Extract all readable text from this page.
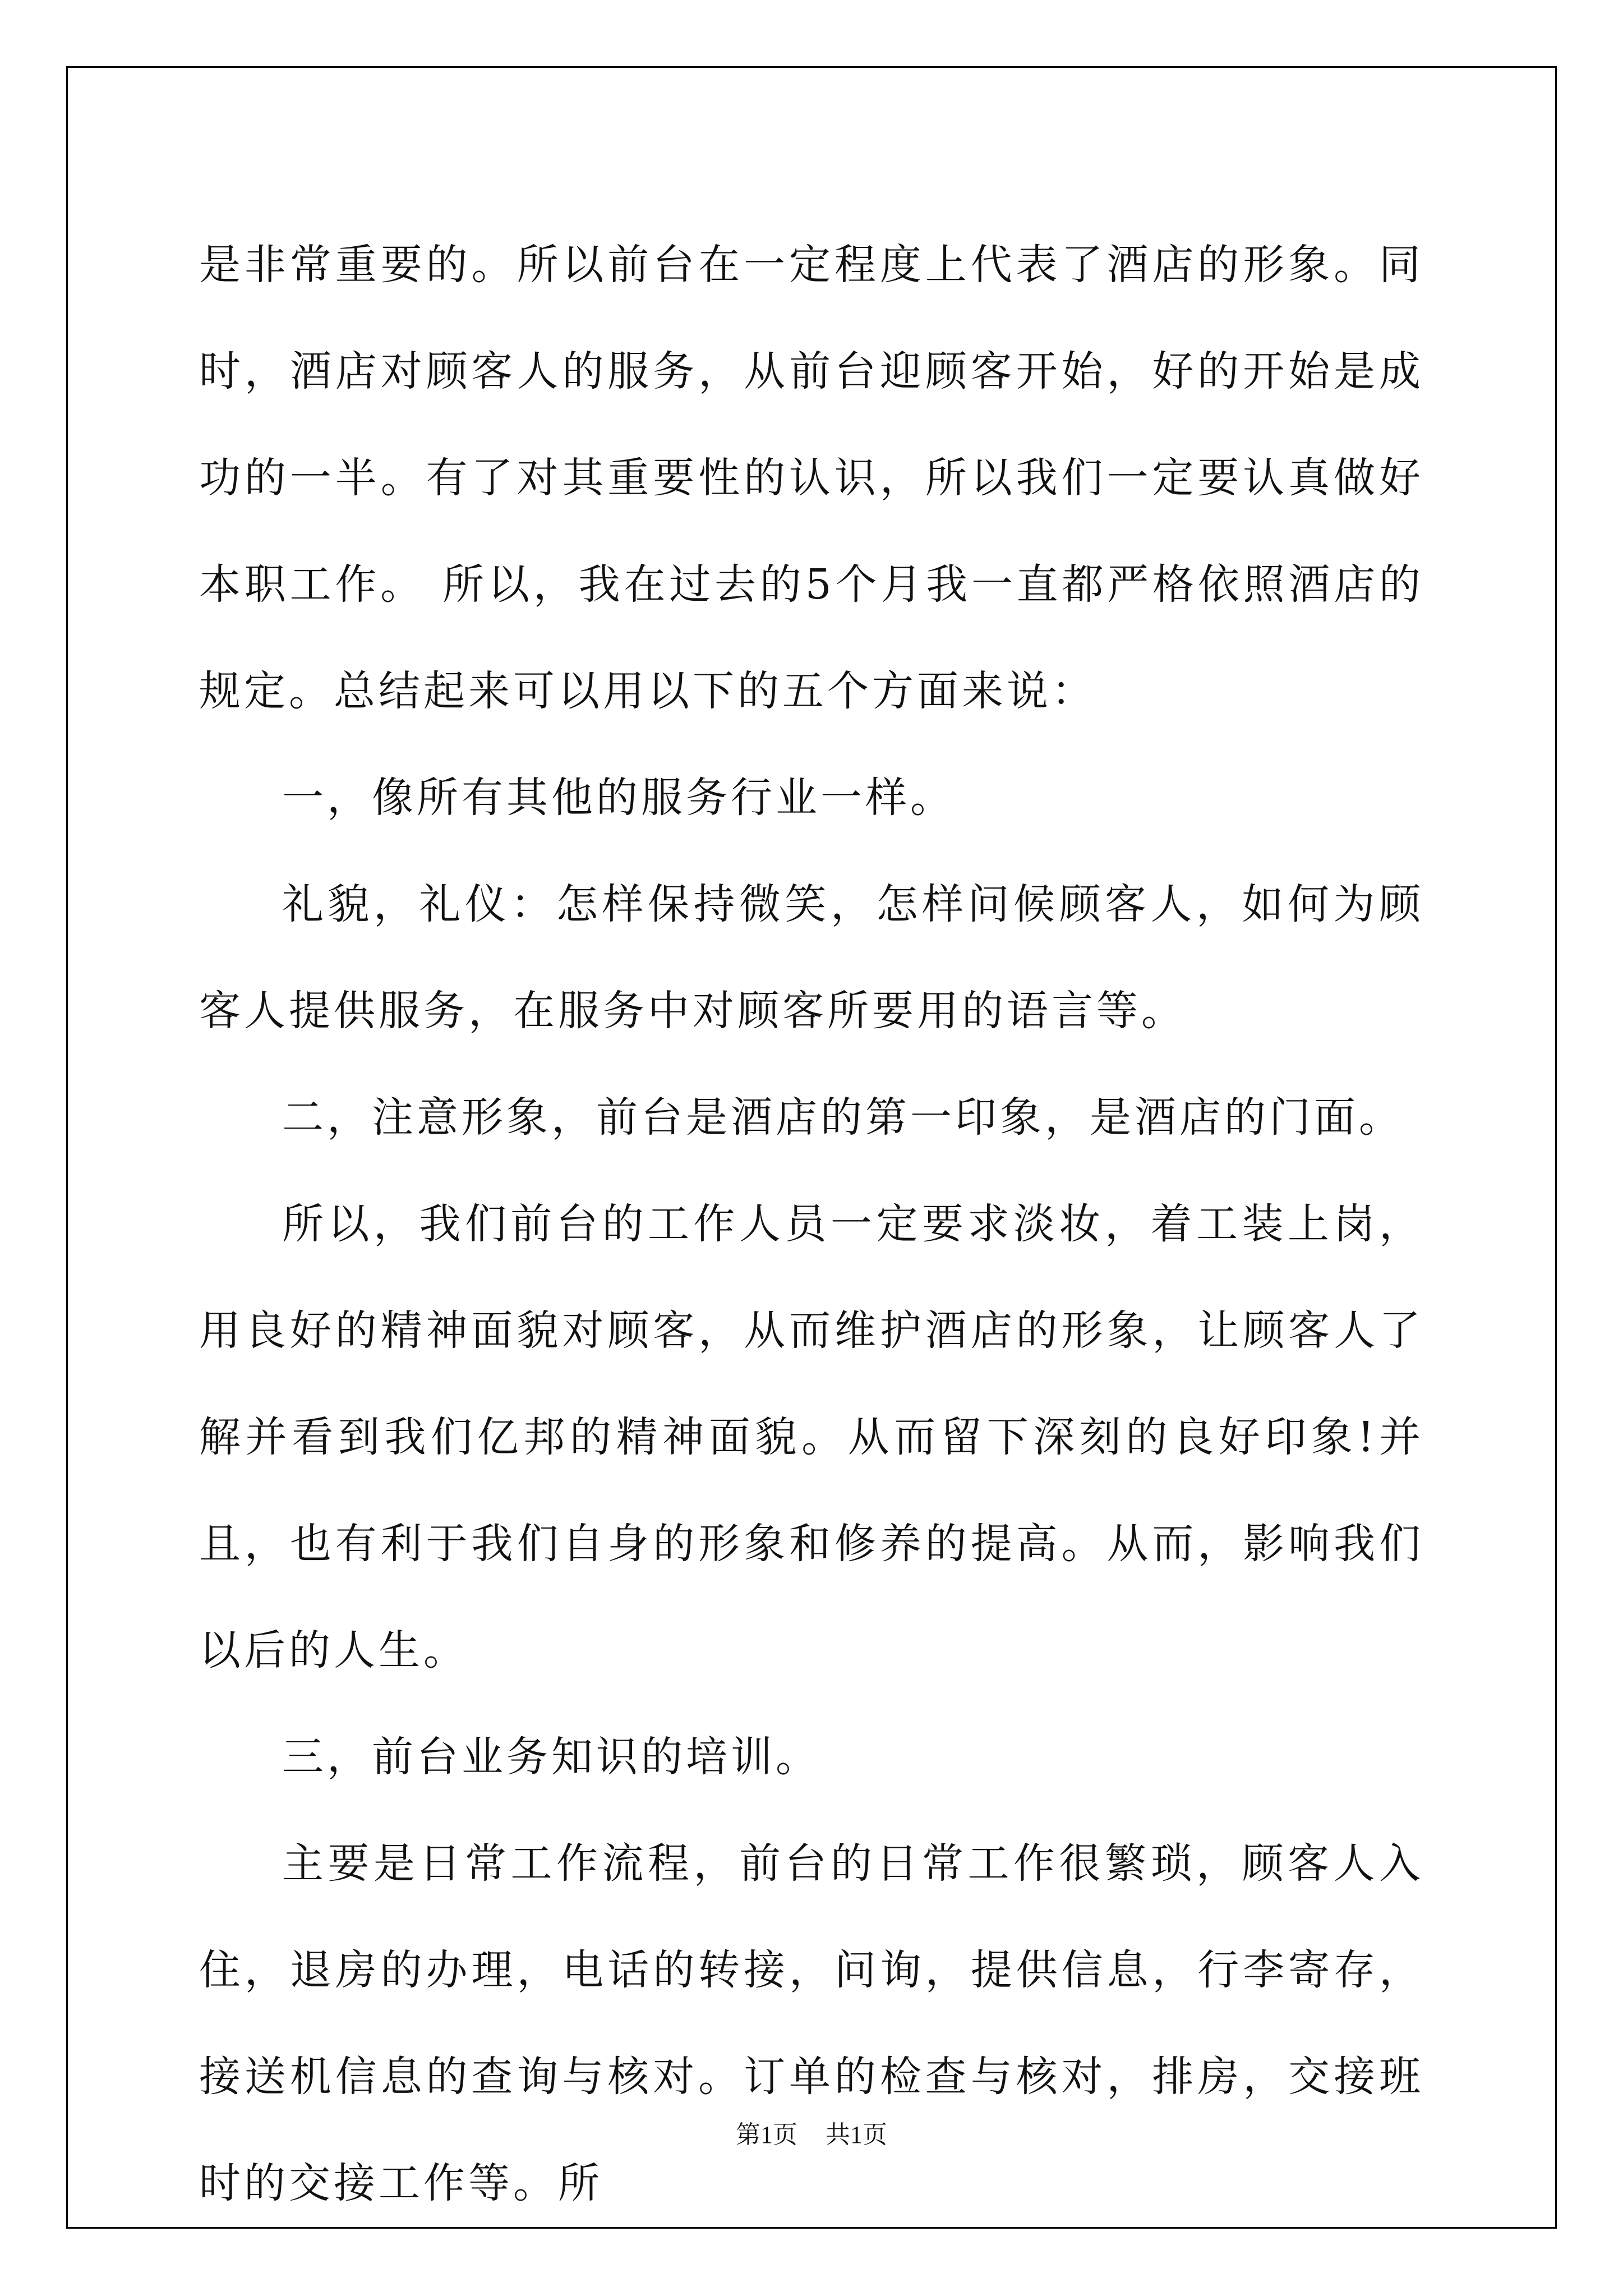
是非常重要的。所以前台在一定程度上代表了酒店的形象。同时，酒店对顾客人的服务，从前台迎顾客开始，好的开始是成功的一半。有了对其重要性的认识，所以我们一定要认真做好本职工作。 所以，我在过去的5个月我一直都严格依照酒店的规定。总结起来可以用以下的五个方面来说：

一，像所有其他的服务行业一样。

礼貌，礼仪：怎样保持微笑，怎样问候顾客人，如何为顾客人提供服务，在服务中对顾客所要用的语言等。

二，注意形象，前台是酒店的第一印象，是酒店的门面。

所以，我们前台的工作人员一定要求淡妆，着工装上岗，用良好的精神面貌对顾客，从而维护酒店的形象，让顾客人了解并看到我们亿邦的精神面貌。从而留下深刻的良好印象!并且，也有利于我们自身的形象和修养的提高。从而，影响我们以后的人生。

三，前台业务知识的培训。

主要是日常工作流程，前台的日常工作很繁琐，顾客人入住，退房的办理，电话的转接，问询，提供信息，行李寄存，接送机信息的查询与核对。订单的检查与核对，排房，交接班时的交接工作等。所

第1页 共1页
